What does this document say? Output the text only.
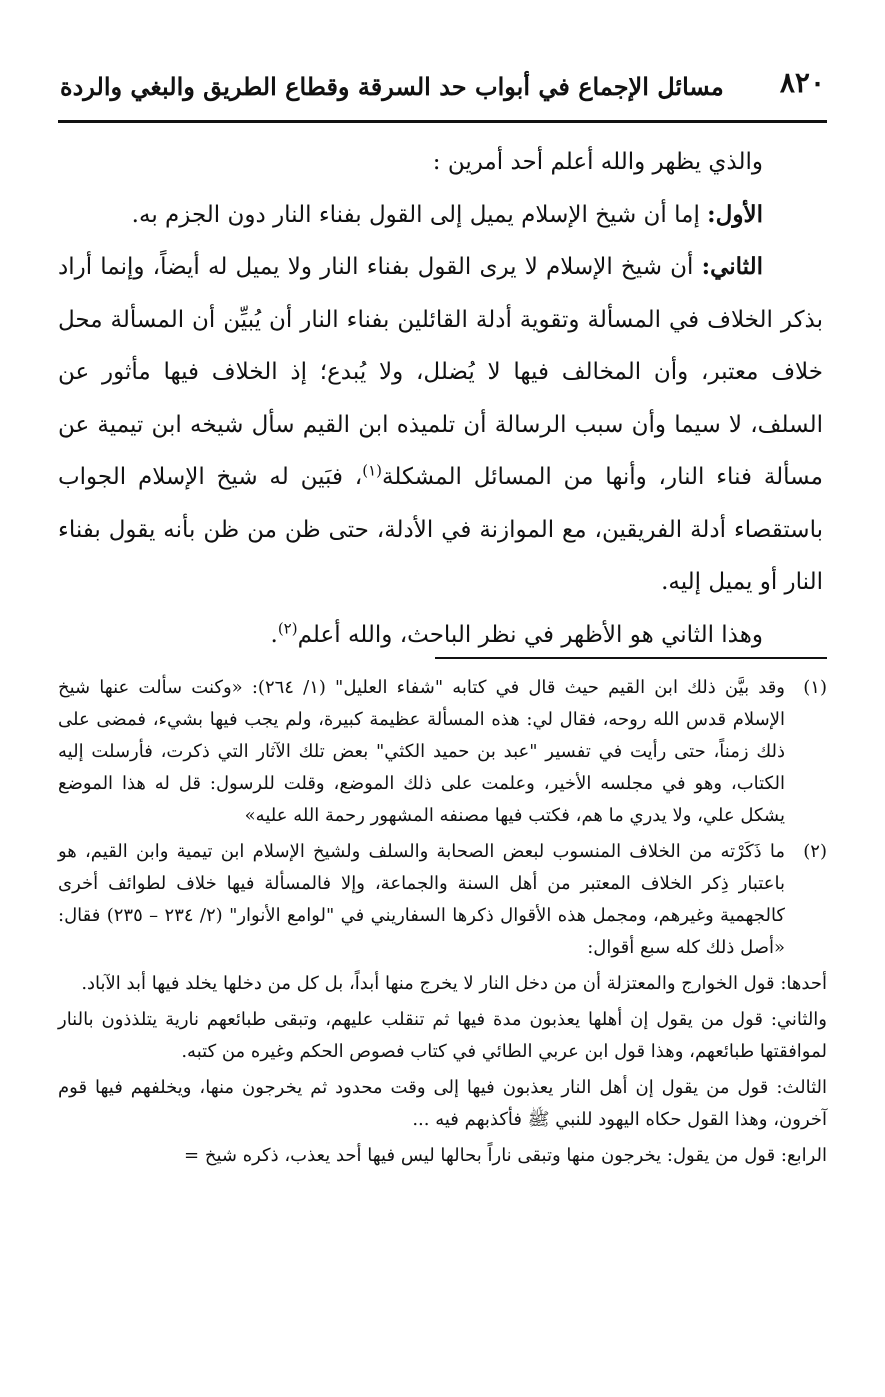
٨٢٠
مسائل الإجماع في أبواب حد السرقة وقطاع الطريق والبغي والردة

والذي يظهر والله أعلم أحد أمرين :

الأول: إما أن شيخ الإسلام يميل إلى القول بفناء النار دون الجزم به.

الثاني: أن شيخ الإسلام لا يرى القول بفناء النار ولا يميل له أيضاً، وإنما أراد بذكر الخلاف في المسألة وتقوية أدلة القائلين بفناء النار أن يُبيِّن أن المسألة محل خلاف معتبر، وأن المخالف فيها لا يُضلل، ولا يُبدع؛ إذ الخلاف فيها مأثور عن السلف، لا سيما وأن سبب الرسالة أن تلميذه ابن القيم سأل شيخه ابن تيمية عن مسألة فناء النار، وأنها من المسائل المشكلة$^{(١)}$، فبَين له شيخ الإسلام الجواب باستقصاء أدلة الفريقين، مع الموازنة في الأدلة، حتى ظن من ظن بأنه يقول بفناء النار أو يميل إليه.

وهذا الثاني هو الأظهر في نظر الباحث، والله أعلم$^{(٢)}$.

(١)
وقد بيَّن ذلك ابن القيم حيث قال في كتابه "شفاء العليل" (١/ ٢٦٤): «وكنت سألت عنها شيخ الإسلام قدس الله روحه، فقال لي: هذه المسألة عظيمة كبيرة، ولم يجب فيها بشيء، فمضى على ذلك زمناً، حتى رأيت في تفسير "عبد بن حميد الكثي" بعض تلك الآثار التي ذكرت، فأرسلت إليه الكتاب، وهو في مجلسه الأخير، وعلمت على ذلك الموضع، وقلت للرسول: قل له هذا الموضع يشكل علي، ولا يدري ما هم، فكتب فيها مصنفه المشهور رحمة الله عليه»
(٢)
ما ذَكَرْته من الخلاف المنسوب لبعض الصحابة والسلف ولشيخ الإسلام ابن تيمية وابن القيم، هو باعتبار ذِكر الخلاف المعتبر من أهل السنة والجماعة، وإلا فالمسألة فيها خلاف لطوائف أخرى كالجهمية وغيرهم، ومجمل هذه الأقوال ذكرها السفاريني في "لوامع الأنوار" (٢/ ٢٣٤ – ٢٣٥) فقال: «أصل ذلك كله سبع أقوال:

أحدها: قول الخوارج والمعتزلة أن من دخل النار لا يخرج منها أبداً، بل كل من دخلها يخلد فيها أبد الآباد.

والثاني: قول من يقول إن أهلها يعذبون مدة فيها ثم تنقلب عليهم، وتبقى طبائعهم نارية يتلذذون بالنار لموافقتها طبائعهم، وهذا قول ابن عربي الطائي في كتاب فصوص الحكم وغيره من كتبه.

الثالث: قول من يقول إن أهل النار يعذبون فيها إلى وقت محدود ثم يخرجون منها، ويخلفهم فيها قوم آخرون، وهذا القول حكاه اليهود للنبي ﷺ فأكذبهم فيه ...

الرابع: قول من يقول: يخرجون منها وتبقى ناراً بحالها ليس فيها أحد يعذب، ذكره شيخ =
